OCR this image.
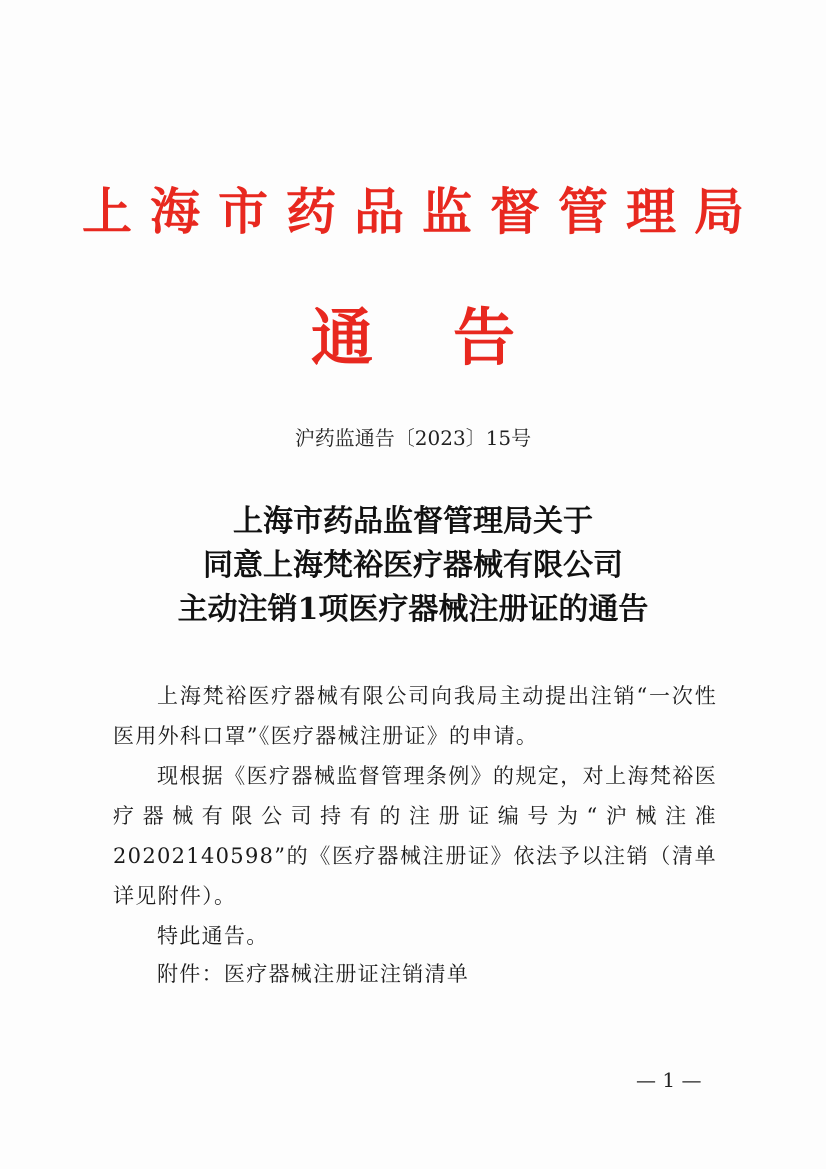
上海市药品监督管理局
通 告
沪药监通告〔2023〕15号
上海市药品监督管理局关于
同意上海梵裕医疗器械有限公司
主动注销1项医疗器械注册证的通告

上海梵裕医疗器械有限公司向我局主动提出注销“一次性医用外科口罩”《医疗器械注册证》的申请。

现根据《医疗器械监督管理条例》的规定，对上海梵裕医疗器械有限公司持有的注册证编号为“沪械注准20202140598”的《医疗器械注册证》依法予以注销（清单详见附件）。

特此通告。

附件：医疗器械注册证注销清单
— 1 —
